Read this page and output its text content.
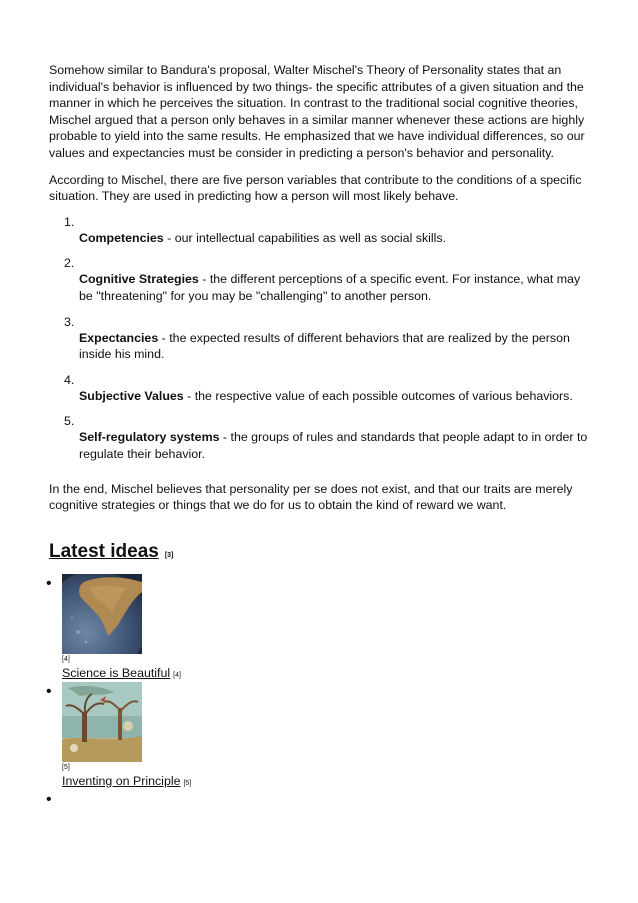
Somehow similar to Bandura's proposal, Walter Mischel's Theory of Personality states that an individual's behavior is influenced by two things- the specific attributes of a given situation and the manner in which he perceives the situation. In contrast to the traditional social cognitive theories, Mischel argued that a person only behaves in a similar manner whenever these actions are highly probable to yield into the same results. He emphasized that we have individual differences, so our values and expectancies must be consider in predicting a person's behavior and personality.

According to Mischel, there are five person variables that contribute to the conditions of a specific situation. They are used in predicting how a person will most likely behave.

1.
Competencies - our intellectual capabilities as well as social skills.
2.
Cognitive Strategies - the different perceptions of a specific event. For instance, what may be "threatening" for you may be "challenging" to another person.
3.
Expectancies - the expected results of different behaviors that are realized by the person inside his mind.
4.
Subjective Values - the respective value of each possible outcomes of various behaviors.
5.
Self-regulatory systems - the groups of rules and standards that people adapt to in order to regulate their behavior.

In the end, Mischel believes that personality per se does not exist, and that our traits are merely cognitive strategies or things that we do for us to obtain the kind of reward we want.

Latest ideas [3]
•
[4]
Science is Beautiful [4]
•
[5]
Inventing on Principle [5]
•
